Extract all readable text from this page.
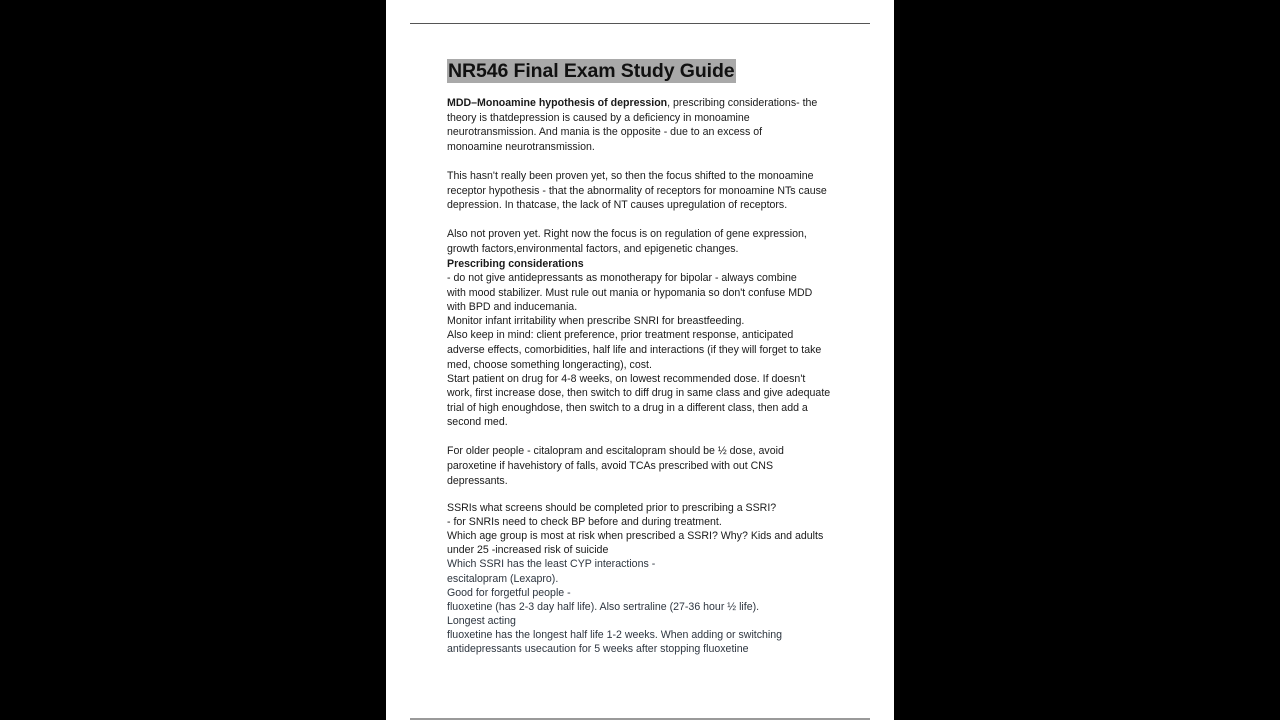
NR546 Final Exam Study Guide
MDD–Monoamine hypothesis of depression, prescribing considerations- the
theory is thatdepression is caused by a deficiency in monoamine
neurotransmission. And mania is the opposite - due to an excess of
monoamine neurotransmission.
This hasn't really been proven yet, so then the focus shifted to the monoamine
receptor hypothesis - that the abnormality of receptors for monoamine NTs cause
depression. In thatcase, the lack of NT causes upregulation of receptors.
Also not proven yet. Right now the focus is on regulation of gene expression,
growth factors,environmental factors, and epigenetic changes.
Prescribing considerations
- do not give antidepressants as monotherapy for bipolar - always combine
with mood stabilizer. Must rule out mania or hypomania so don't confuse MDD
with BPD and inducemania.
Monitor infant irritability when prescribe SNRI for breastfeeding.
Also keep in mind: client preference, prior treatment response, anticipated
adverse effects, comorbidities, half life and interactions (if they will forget to take
med, choose something longeracting), cost.
Start patient on drug for 4-8 weeks, on lowest recommended dose. If doesn't
work, first increase dose, then switch to diff drug in same class and give adequate
trial of high enoughdose, then switch to a drug in a different class, then add a
second med.
For older people - citalopram and escitalopram should be ½ dose, avoid
paroxetine if havehistory of falls, avoid TCAs prescribed with out CNS
depressants.
SSRIs what screens should be completed prior to prescribing a SSRI?
- for SNRIs need to check BP before and during treatment.
Which age group is most at risk when prescribed a SSRI? Why? Kids and adults
under 25 -increased risk of suicide
Which SSRI has the least CYP interactions -
escitalopram (Lexapro).
Good for forgetful people -
fluoxetine (has 2-3 day half life). Also sertraline (27-36 hour ½ life).
Longest acting
fluoxetine has the longest half life 1-2 weeks. When adding or switching
antidepressants usecaution for 5 weeks after stopping fluoxetine
